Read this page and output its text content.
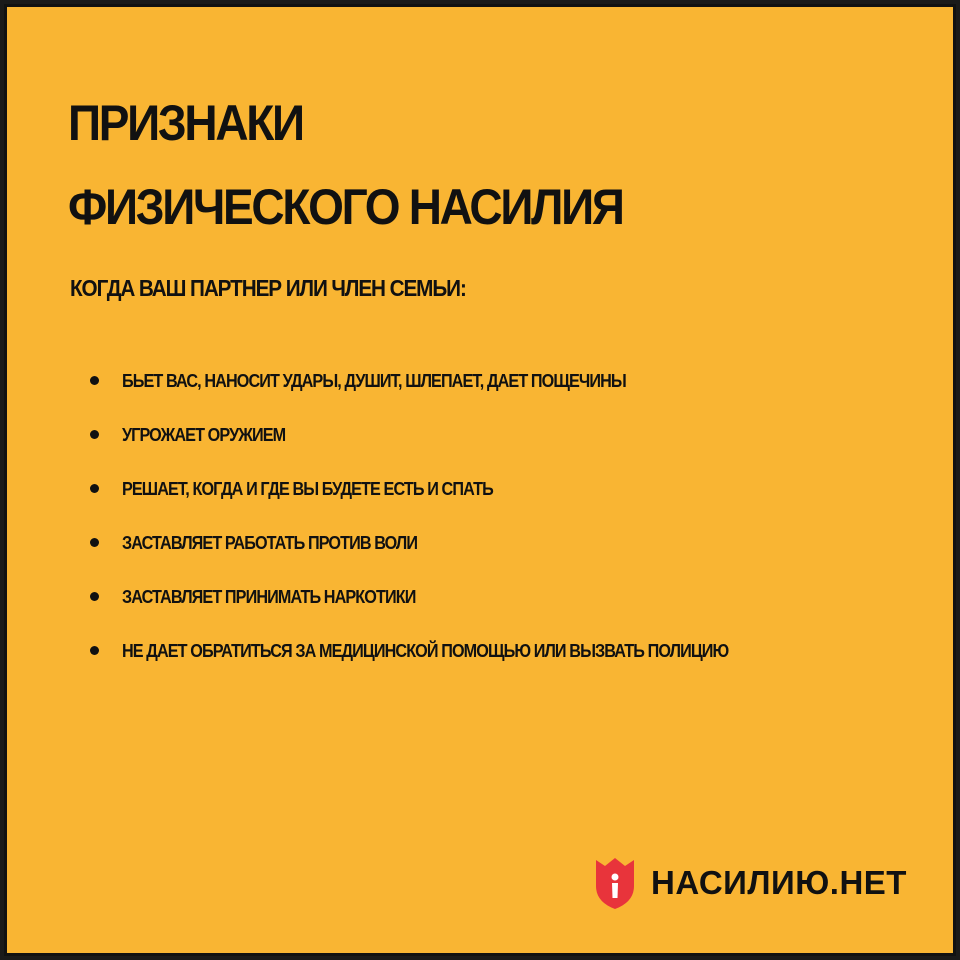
ПРИЗНАКИ
ФИЗИЧЕСКОГО НАСИЛИЯ

КОГДА ВАШ ПАРТНЕР ИЛИ ЧЛЕН СЕМЬИ:

БЬЕТ ВАС, НАНОСИТ УДАРЫ, ДУШИТ, ШЛЕПАЕТ, ДАЕТ ПОЩЕЧИНЫ
УГРОЖАЕТ ОРУЖИЕМ
РЕШАЕТ, КОГДА И ГДЕ ВЫ БУДЕТЕ ЕСТЬ И СПАТЬ
ЗАСТАВЛЯЕТ РАБОТАТЬ ПРОТИВ ВОЛИ
ЗАСТАВЛЯЕТ ПРИНИМАТЬ НАРКОТИКИ
НЕ ДАЕТ ОБРАТИТЬСЯ ЗА МЕДИЦИНСКОЙ ПОМОЩЬЮ ИЛИ ВЫЗВАТЬ ПОЛИЦИЮ
НАСИЛИЮ.НЕТ
